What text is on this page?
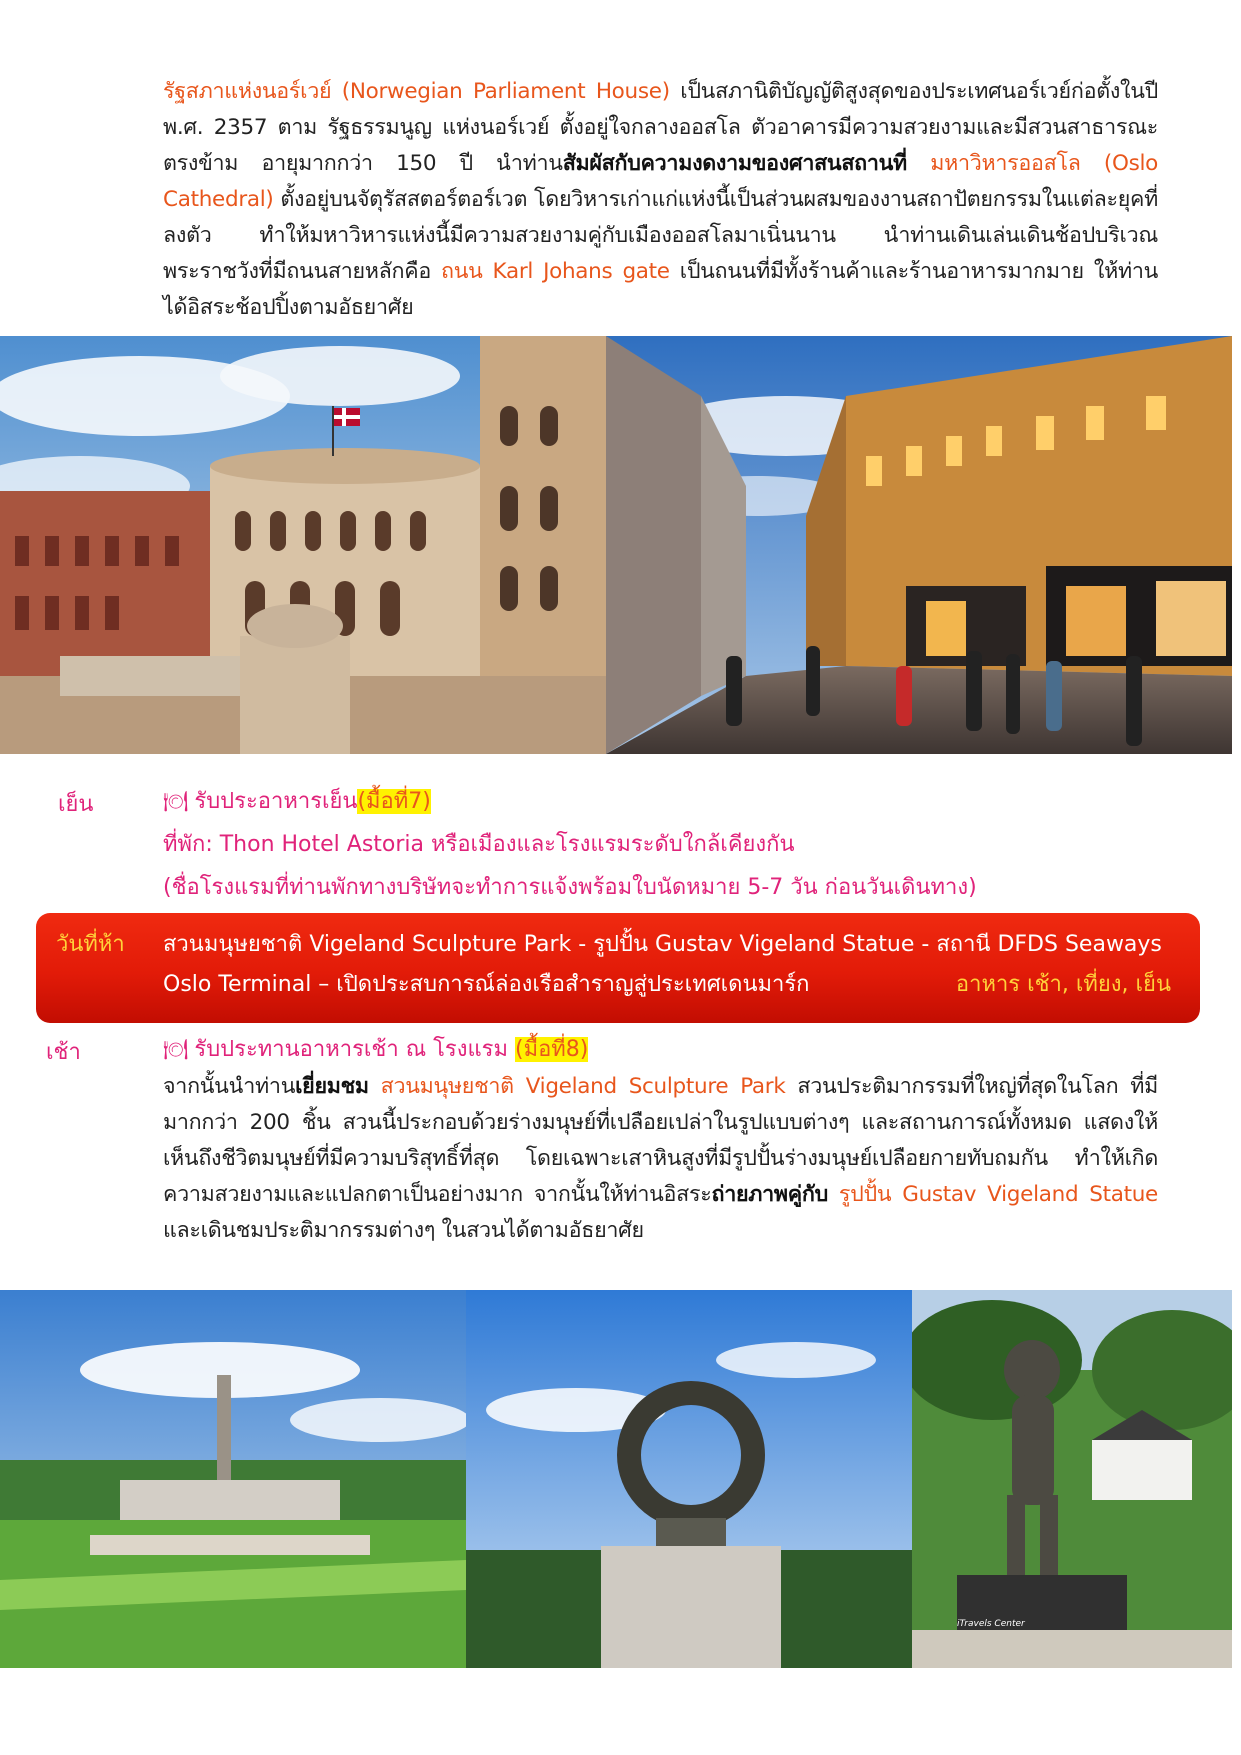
รัฐสภาแห่งนอร์เวย์ (Norwegian Parliament House) เป็นสภานิติบัญญัติสูงสุดของประเทศนอร์เวย์ก่อตั้งในปี พ.ศ. 2357 ตาม รัฐธรรมนูญ แห่งนอร์เวย์ ตั้งอยู่ใจกลางออสโล ตัวอาคารมีความสวยงามและมีสวนสาธารณะตรงข้าม อายุมากกว่า 150 ปี นำท่านสัมผัสกับความงดงามของศาสนสถานที่ มหาวิหารออสโล (Oslo Cathedral) ตั้งอยู่บนจัตุรัสสตอร์ตอร์เวต โดยวิหารเก่าแก่แห่งนี้เป็นส่วนผสมของงานสถาปัตยกรรมในแต่ละยุคที่ลงตัว ทำให้มหาวิหารแห่งนี้มีความสวยงามคู่กับเมืองออสโลมาเนิ่นนาน นำท่านเดินเล่นเดินช้อปบริเวณพระราชวังที่มีถนนสายหลักคือ ถนน Karl Johans gate เป็นถนนที่มีทั้งร้านค้าและร้านอาหารมากมาย ให้ท่านได้อิสระช้อปปิ้งตามอัธยาศัย
เย็น	🍽 รับประอาหารเย็น(มื้อที่7)
ที่พัก: Thon Hotel Astoria หรือเมืองและโรงแรมระดับใกล้เคียงกัน
(ชื่อโรงแรมที่ท่านพักทางบริษัทจะทำการแจ้งพร้อมใบนัดหมาย 5-7 วัน ก่อนวันเดินทาง)
วันที่ห้า สวนมนุษยชาติ Vigeland Sculpture Park - รูปปั้น Gustav Vigeland Statue - สถานี DFDS Seaways
Oslo Terminal – เปิดประสบการณ์ล่องเรือสำราญสู่ประเทศเดนมาร์ก	อาหาร เช้า, เที่ยง, เย็น
เช้า	🍽 รับประทานอาหารเช้า ณ โรงแรม (มื้อที่8)
จากนั้นนำท่านเยี่ยมชม สวนมนุษยชาติ Vigeland Sculpture Park สวนประติมากรรมที่ใหญ่ที่สุดในโลก ที่มีมากกว่า 200 ชิ้น สวนนี้ประกอบด้วยร่างมนุษย์ที่เปลือยเปล่าในรูปแบบต่างๆ และสถานการณ์ทั้งหมด แสดงให้เห็นถึงชีวิตมนุษย์ที่มีความบริสุทธิ์ที่สุด โดยเฉพาะเสาหินสูงที่มีรูปปั้นร่างมนุษย์เปลือยกายทับถมกัน ทำให้เกิดความสวยงามและแปลกตาเป็นอย่างมาก จากนั้นให้ท่านอิสระถ่ายภาพคู่กับ รูปปั้น Gustav Vigeland Statue และเดินชมประติมากรรมต่างๆ ในสวนได้ตามอัธยาศัย
iTravels Center
